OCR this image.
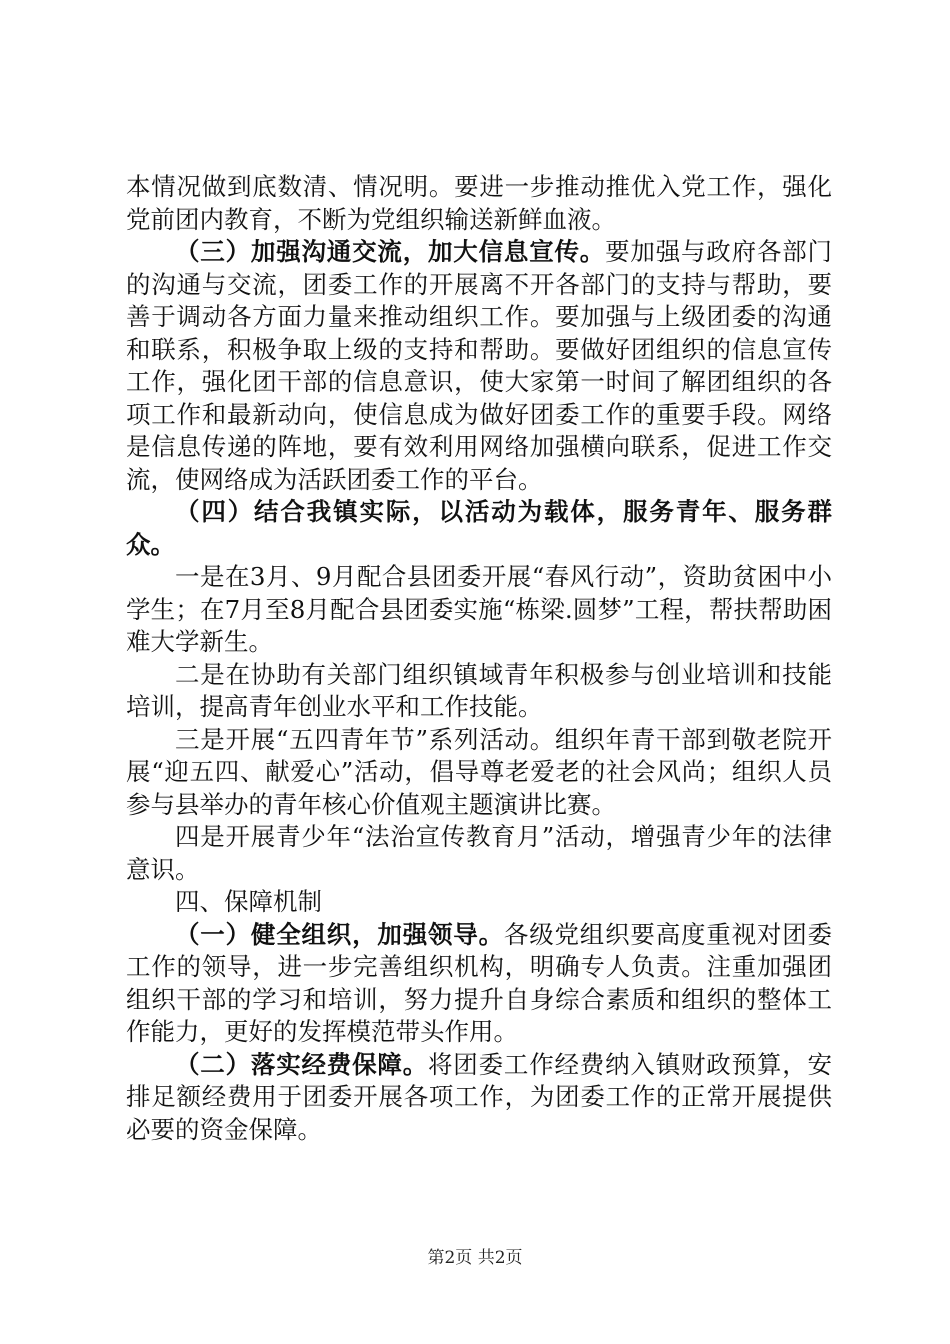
本情况做到底数清、情况明。要进一步推动推优入党工作，强化党前团内教育，不断为党组织输送新鲜血液。

（三）加强沟通交流，加大信息宣传。要加强与政府各部门的沟通与交流，团委工作的开展离不开各部门的支持与帮助，要善于调动各方面力量来推动组织工作。要加强与上级团委的沟通和联系，积极争取上级的支持和帮助。要做好团组织的信息宣传工作，强化团干部的信息意识，使大家第一时间了解团组织的各项工作和最新动向，使信息成为做好团委工作的重要手段。网络是信息传递的阵地，要有效利用网络加强横向联系，促进工作交流，使网络成为活跃团委工作的平台。

（四）结合我镇实际，以活动为载体，服务青年、服务群众。

一是在3月、9月配合县团委开展“春风行动”，资助贫困中小学生；在7月至8月配合县团委实施“栋梁.圆梦”工程，帮扶帮助困难大学新生。

二是在协助有关部门组织镇域青年积极参与创业培训和技能培训，提高青年创业水平和工作技能。

三是开展“五四青年节”系列活动。组织年青干部到敬老院开展“迎五四、献爱心”活动，倡导尊老爱老的社会风尚；组织人员参与县举办的青年核心价值观主题演讲比赛。

四是开展青少年“法治宣传教育月”活动，增强青少年的法律意识。

四、保障机制

（一）健全组织，加强领导。各级党组织要高度重视对团委工作的领导，进一步完善组织机构，明确专人负责。注重加强团组织干部的学习和培训，努力提升自身综合素质和组织的整体工作能力，更好的发挥模范带头作用。

（二）落实经费保障。将团委工作经费纳入镇财政预算，安排足额经费用于团委开展各项工作，为团委工作的正常开展提供必要的资金保障。

第2页 共2页
